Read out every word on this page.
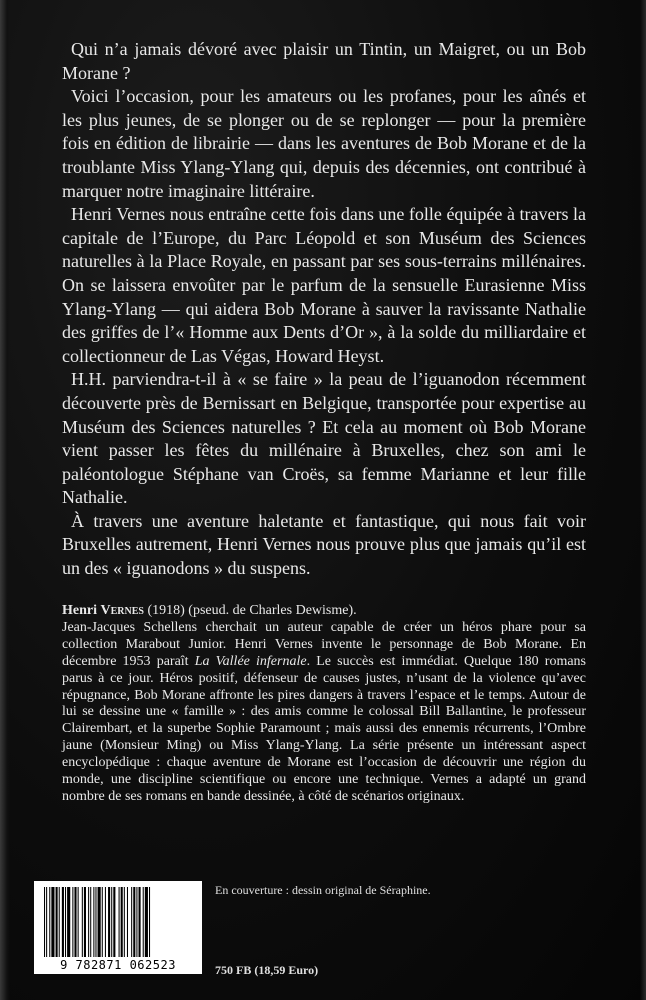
Qui n’a jamais dévoré avec plaisir un Tintin, un Maigret, ou un Bob Morane ?

Voici l’occasion, pour les amateurs ou les profanes, pour les aînés et les plus jeunes, de se plonger ou de se replonger — pour la première fois en édition de librairie — dans les aventures de Bob Morane et de la troublante Miss Ylang-Ylang qui, depuis des décennies, ont contribué à marquer notre imaginaire littéraire.

Henri Vernes nous entraîne cette fois dans une folle équipée à travers la capitale de l’Europe, du Parc Léopold et son Muséum des Sciences naturelles à la Place Royale, en passant par ses sous-terrains millénaires. On se laissera envoûter par le parfum de la sensuelle Eurasienne Miss Ylang-Ylang — qui aidera Bob Morane à sauver la ravissante Nathalie des griffes de l’« Homme aux Dents d’Or », à la solde du milliardaire et collectionneur de Las Végas, Howard Heyst.

H.H. parviendra-t-il à « se faire » la peau de l’iguanodon récemment découverte près de Bernissart en Belgique, transportée pour expertise au Muséum des Sciences naturelles ? Et cela au moment où Bob Morane vient passer les fêtes du millénaire à Bruxelles, chez son ami le paléontologue Stéphane van Croës, sa femme Marianne et leur fille Nathalie.

À travers une aventure haletante et fantastique, qui nous fait voir Bruxelles autrement, Henri Vernes nous prouve plus que jamais qu’il est un des « iguanodons » du suspens.

Henri Vernes (1918) (pseud. de Charles Dewisme).

Jean-Jacques Schellens cherchait un auteur capable de créer un héros phare pour sa collection Marabout Junior. Henri Vernes invente le personnage de Bob Morane. En décembre 1953 paraît La Vallée infernale. Le succès est immédiat. Quelque 180 romans parus à ce jour. Héros positif, défenseur de causes justes, n’usant de la violence qu’avec répugnance, Bob Morane affronte les pires dangers à travers l’espace et le temps. Autour de lui se dessine une « famille » : des amis comme le colossal Bill Ballantine, le professeur Clairembart, et la superbe Sophie Paramount ; mais aussi des ennemis récurrents, l’Ombre jaune (Monsieur Ming) ou Miss Ylang-Ylang. La série présente un intéressant aspect encyclopédique : chaque aventure de Morane est l’occasion de découvrir une région du monde, une discipline scientifique ou encore une technique. Vernes a adapté un grand nombre de ses romans en bande dessinée, à côté de scénarios originaux.

9 782871 062523
En couverture : dessin original de Séraphine.
750 FB (18,59 Euro)
